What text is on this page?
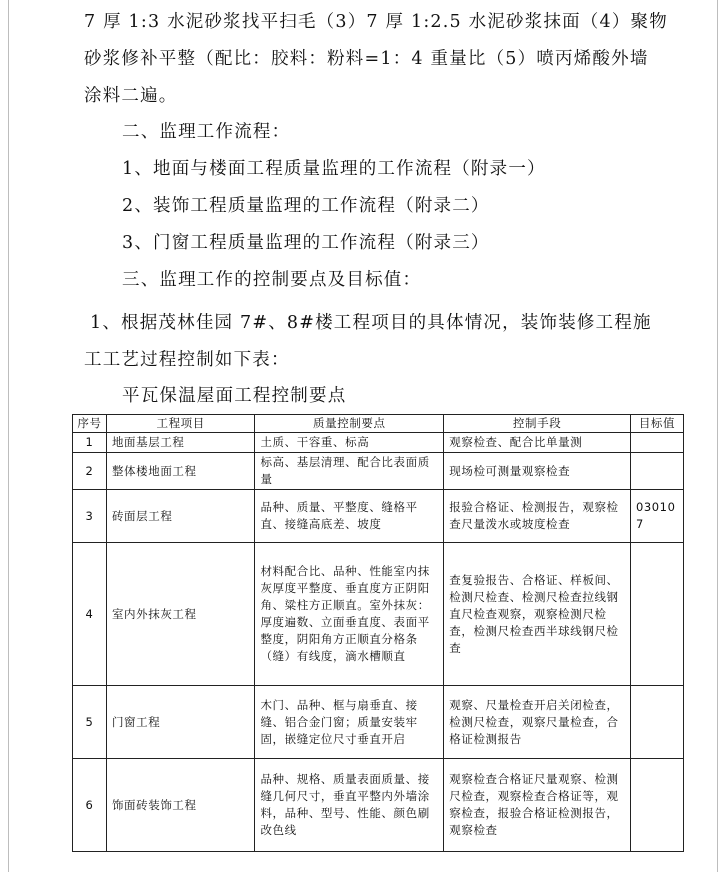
7 厚 1:3 水泥砂浆找平扫毛（3）7 厚 1:2.5 水泥砂浆抹面（4）聚物
砂浆修补平整（配比：胶料：粉料=1：4 重量比（5）喷丙烯酸外墙
涂料二遍。
二、监理工作流程：
1、地面与楼面工程质量监理的工作流程（附录一）
2、装饰工程质量监理的工作流程（附录二）
3、门窗工程质量监理的工作流程（附录三）
三、监理工作的控制要点及目标值：
1、根据茂林佳园 7#、8#楼工程项目的具体情况，装饰装修工程施
工工艺过程控制如下表：
平瓦保温屋面工程控制要点
序号	工程项目	质量控制要点	控制手段	目标值
1	地面基层工程	土质、干容重、标高	观察检查、配合比单量测	
2	整体楼地面工程	标高、基层清理、配合比表面质量	现场检可测量观察检查	
3	砖面层工程	品种、质量、平整度、缝格平直、接缝高底差、坡度	报验合格证、检测报告，观察检查尺量泼水或坡度检查	030107
4	室内外抹灰工程	材料配合比、品种、性能室内抹灰厚度平整度、垂直度方正阴阳角、粱柱方正顺直。室外抹灰：厚度遍数、立面垂直度、表面平整度，阴阳角方正顺直分格条（缝）有线度，滴水槽顺直	查复验报告、合格证、样板间、检测尺检查、检测尺检查拉线钢直尺检查观察，观察检测尺检查，检测尺检查西半球线钢尺检查	
5	门窗工程	木门、品种、框与扇垂直、接缝、铝合金门窗；质量安装牢固，嵌缝定位尺寸垂直开启	观察、尺量检查开启关闭检查，检测尺检查，观察尺量检查，合格证检测报告	
6	饰面砖装饰工程	品种、规格、质量表面质量、接缝几何尺寸，垂直平整内外墙涂料，品种、型号、性能、颜色刷改色线	观察检查合格证尺量观察、检测尺检查，观察检查合格证等，观察检查，报验合格证检测报告，观察检查	
